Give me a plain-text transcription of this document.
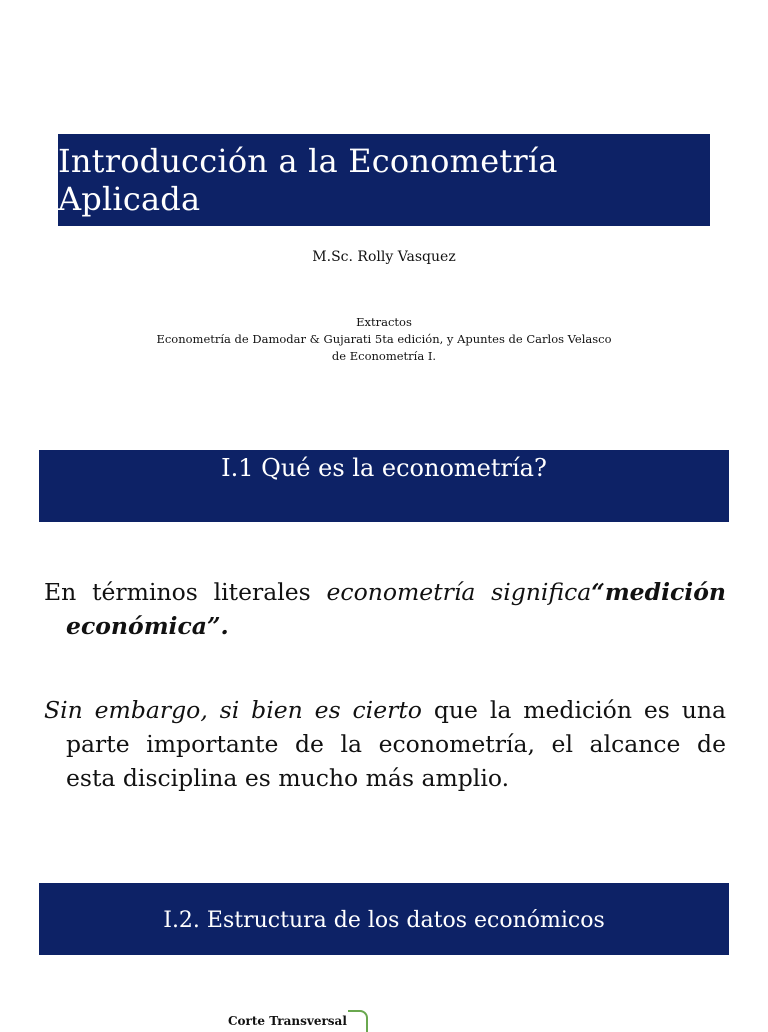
Introducción a la Econometría Aplicada
M.Sc. Rolly Vasquez
Extractos
Econometría de Damodar & Gujarati 5ta edición, y Apuntes de Carlos Velasco
de Econometría I.
I.1 Qué es la econometría?
En términos literales econometría significa“medición
económica”.
Sin embargo, si bien es cierto que la medición es una
parte importante de la econometría, el alcance de
esta disciplina es mucho más amplio.
I.2. Estructura de los datos económicos
Corte Transversal
